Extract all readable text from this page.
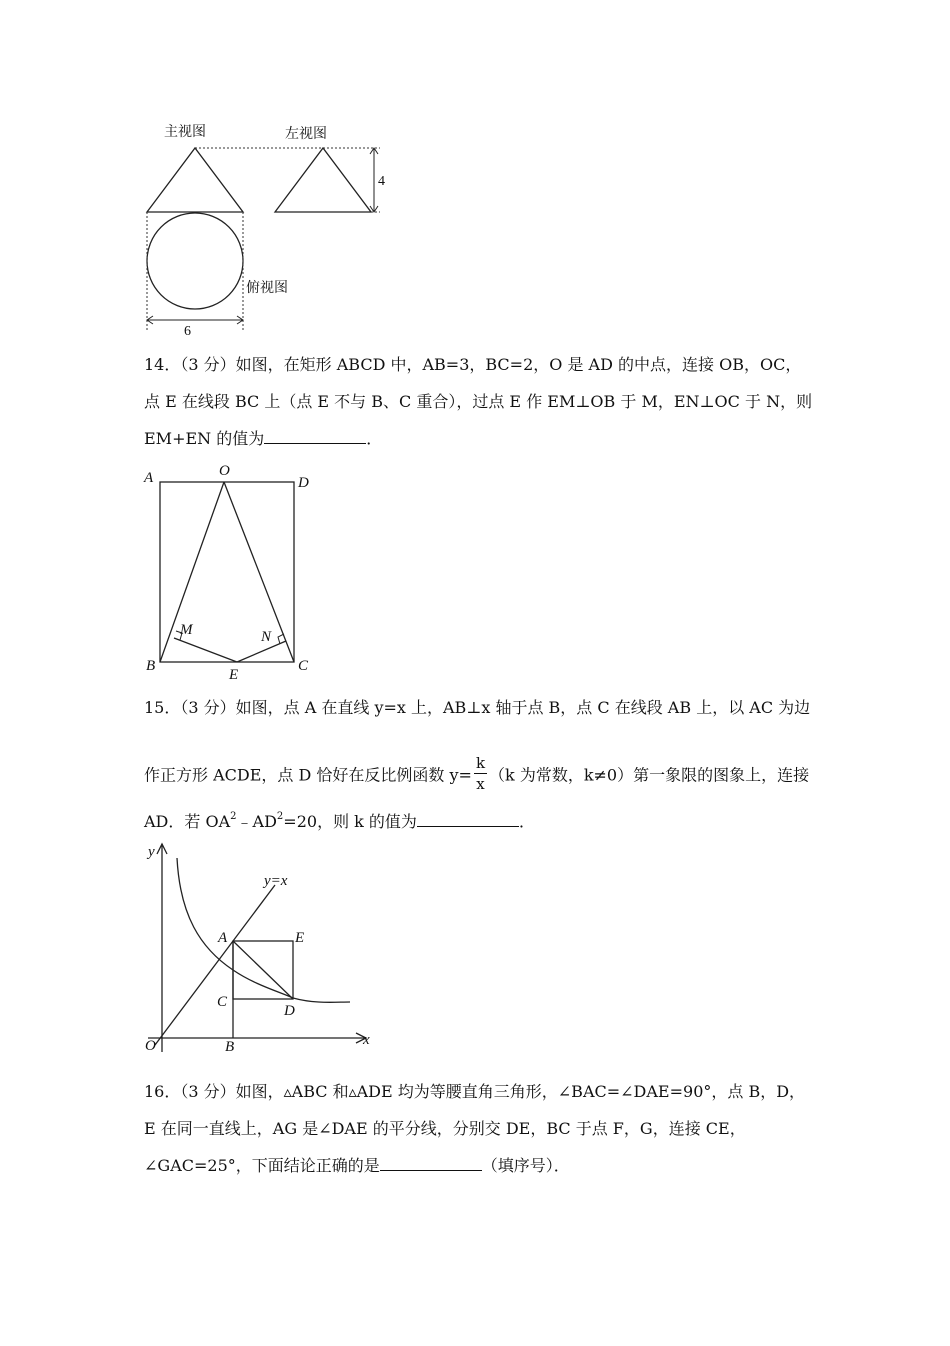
4
6
主视图	左视图
俯视图
14．（3 分）如图，在矩形 ABCD 中，AB=3，BC=2，O 是 AD 的中点，连接 OB，OC，
点 E 在线段 BC 上（点 E 不与 B、C 重合），过点 E 作 EM⊥OB 于 M，EN⊥OC 于 N，则
EM+EN 的值为	．
A	O
D
M	N
B
E
C
15．（3 分）如图，点 A 在直线 y=x 上，AB⊥x 轴于点 B，点 C 在线段 AB 上，以 AC 为边
作正方形 ACDE，点 D 恰好在反比例函数 $y= \frac{k}{x} (k$ 为常数，k≠0）第一象限的图象上，连接
AD．若 $OA^2﹣AD^2=20$，则 k 的值为	．
y
x
y=x
A	E
C
D
O	B
16．（3 分）如图，▵ABC 和▵ADE 均为等腰直角三角形，∠BAC=∠DAE=90°，点 B，D，
E 在同一直线上，AG 是∠DAE 的平分线，分别交 DE，BC 于点 F，G，连接 CE，
∠GAC=25°，下面结论正确的是	（填序号）．
